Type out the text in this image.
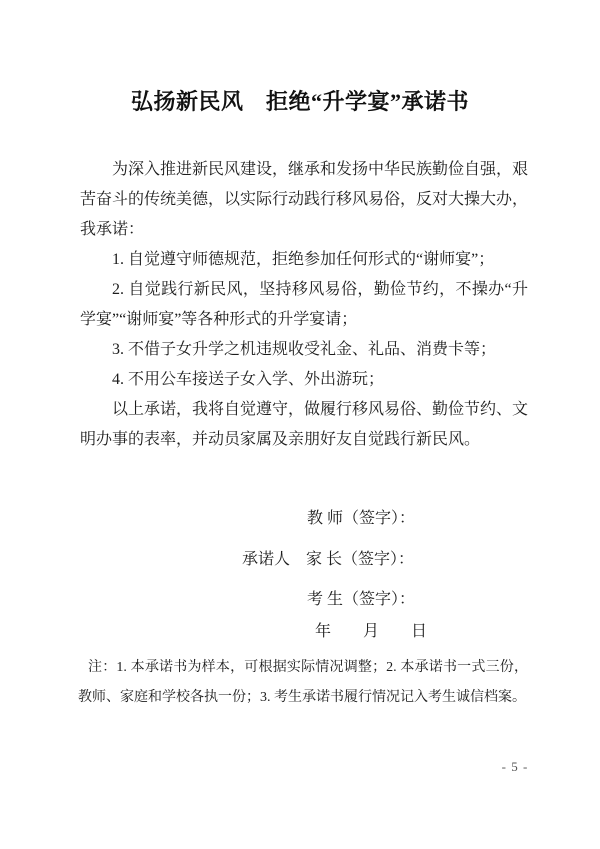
弘扬新民风　拒绝“升学宴”承诺书

为深入推进新民风建设，继承和发扬中华民族勤俭自强，艰苦奋斗的传统美德，以实际行动践行移风易俗，反对大操大办，我承诺：

1. 自觉遵守师德规范，拒绝参加任何形式的“谢师宴”；

2. 自觉践行新民风，坚持移风易俗，勤俭节约，不操办“升学宴”“谢师宴”等各种形式的升学宴请；

3. 不借子女升学之机违规收受礼金、礼品、消费卡等；

4. 不用公车接送子女入学、外出游玩；

以上承诺，我将自觉遵守，做履行移风易俗、勤俭节约、文明办事的表率，并动员家属及亲朋好友自觉践行新民风。

教 师（签字）：
承诺人　家 长（签字）：
考 生（签字）：
年　　月　　日
注：1. 本承诺书为样本，可根据实际情况调整；2. 本承诺书一式三份，教师、家庭和学校各执一份；3. 考生承诺书履行情况记入考生诚信档案。
- 5 -
